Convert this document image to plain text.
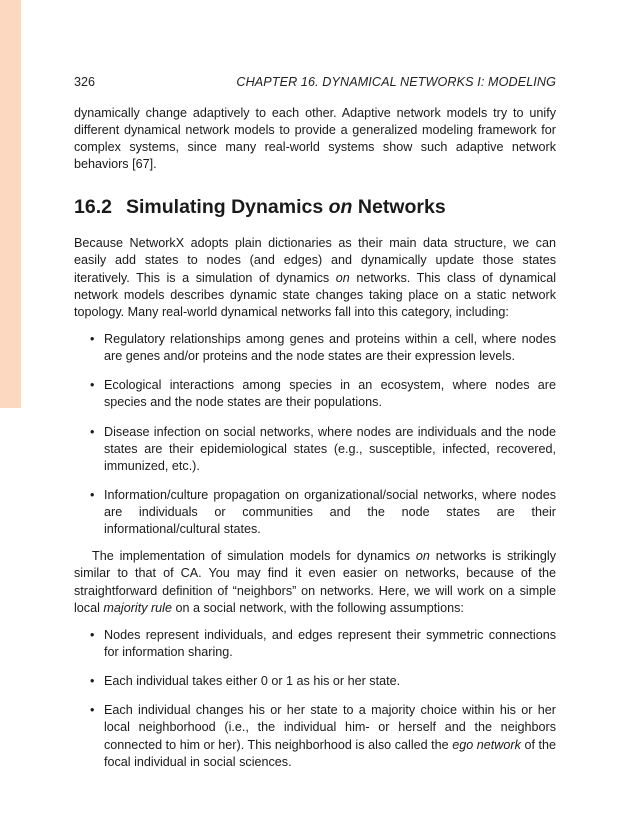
326	CHAPTER 16. DYNAMICAL NETWORKS I: MODELING

dynamically change adaptively to each other. Adaptive network models try to unify different dynamical network models to provide a generalized modeling framework for complex systems, since many real-world systems show such adaptive network behaviors [67].

16.2 Simulating Dynamics on Networks

Because NetworkX adopts plain dictionaries as their main data structure, we can easily add states to nodes (and edges) and dynamically update those states iteratively. This is a simulation of dynamics on networks. This class of dynamical network models describes dynamic state changes taking place on a static network topology. Many real-world dynamical networks fall into this category, including:

• Regulatory relationships among genes and proteins within a cell, where nodes are genes and/or proteins and the node states are their expression levels.
• Ecological interactions among species in an ecosystem, where nodes are species and the node states are their populations.
• Disease infection on social networks, where nodes are individuals and the node states are their epidemiological states (e.g., susceptible, infected, recovered, immunized, etc.).
• Information/culture propagation on organizational/social networks, where nodes are individuals or communities and the node states are their informational/cultural states.

The implementation of simulation models for dynamics on networks is strikingly similar to that of CA. You may find it even easier on networks, because of the straightforward definition of “neighbors” on networks. Here, we will work on a simple local majority rule on a social network, with the following assumptions:

• Nodes represent individuals, and edges represent their symmetric connections for information sharing.
• Each individual takes either 0 or 1 as his or her state.
• Each individual changes his or her state to a majority choice within his or her local neighborhood (i.e., the individual him- or herself and the neighbors connected to him or her). This neighborhood is also called the ego network of the focal individual in social sciences.
